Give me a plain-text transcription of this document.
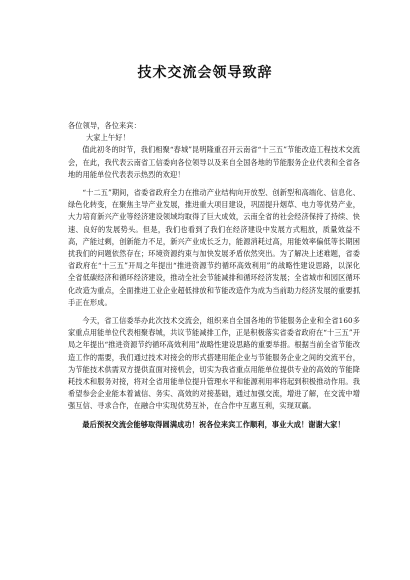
技术交流会领导致辞

各位领导，各位来宾：

大家上午好！

值此初冬的时节，我们相聚“春城”昆明隆重召开云南省“十三五”节能改造工程技术交流会，在此，我代表云南省工信委向各位领导以及来自全国各地的节能服务企业代表和全省各地的用能单位代表表示热烈的欢迎！

“十二五”期间，省委省政府全力在推动产业结构向开放型、创新型和高端化、信息化、绿色化转变，在聚焦主导产业发展，推进重大项目建设，巩固提升烟草、电力等优势产业，大力培育新兴产业等经济建设领域均取得了巨大成效，云南全省的社会经济保持了持续、快速、良好的发展势头。但是，我们也看到了我们在经济建设中发展方式粗放，质量效益不高，产能过剩，创新能力不足，新兴产业成长乏力，能源消耗过高，用能效率偏低等长期困扰我们的问题依然存在；环境资源约束与加快发展矛盾依然突出。为了解决上述难题，省委省政府在“十三五”开局之年提出“推进资源节约循环高效利用”的战略性建设思路，以深化全省低碳经济和循环经济建设，推动全社会节能减排和循环经济发展；全省城市和园区循环化改造为重点，全面推进工业企业超低排放和节能改造作为成为当前助力经济发展的重要抓手正在形成。

今天，省工信委举办此次技术交流会，组织来自全国各地的节能服务企业和全省160多家重点用能单位代表相聚春城，共议节能减排工作，正是积极落实省委省政府在“十三五”开局之年提出“推进资源节约循环高效利用”战略性建设思路的重要举措。根据当前全省节能改造工作的需要，我们通过技术对接会的形式搭建用能企业与节能服务企业之间的交流平台，为节能技术供需双方提供直面对接机会，切实为我省重点用能单位提供专业的高效的节能降耗技术和服务对接，将对全省用能单位提升管理水平和能源利用率将起到积极推动作用。我希望参会企业能本着诚信、务实、高效的对接基础，通过加强交流，增进了解，在交流中增强互信、寻求合作，在融合中实现优势互补，在合作中互惠互利，实现双赢。

最后预祝交流会能够取得圆满成功！祝各位来宾工作顺利，事业大成！谢谢大家！
